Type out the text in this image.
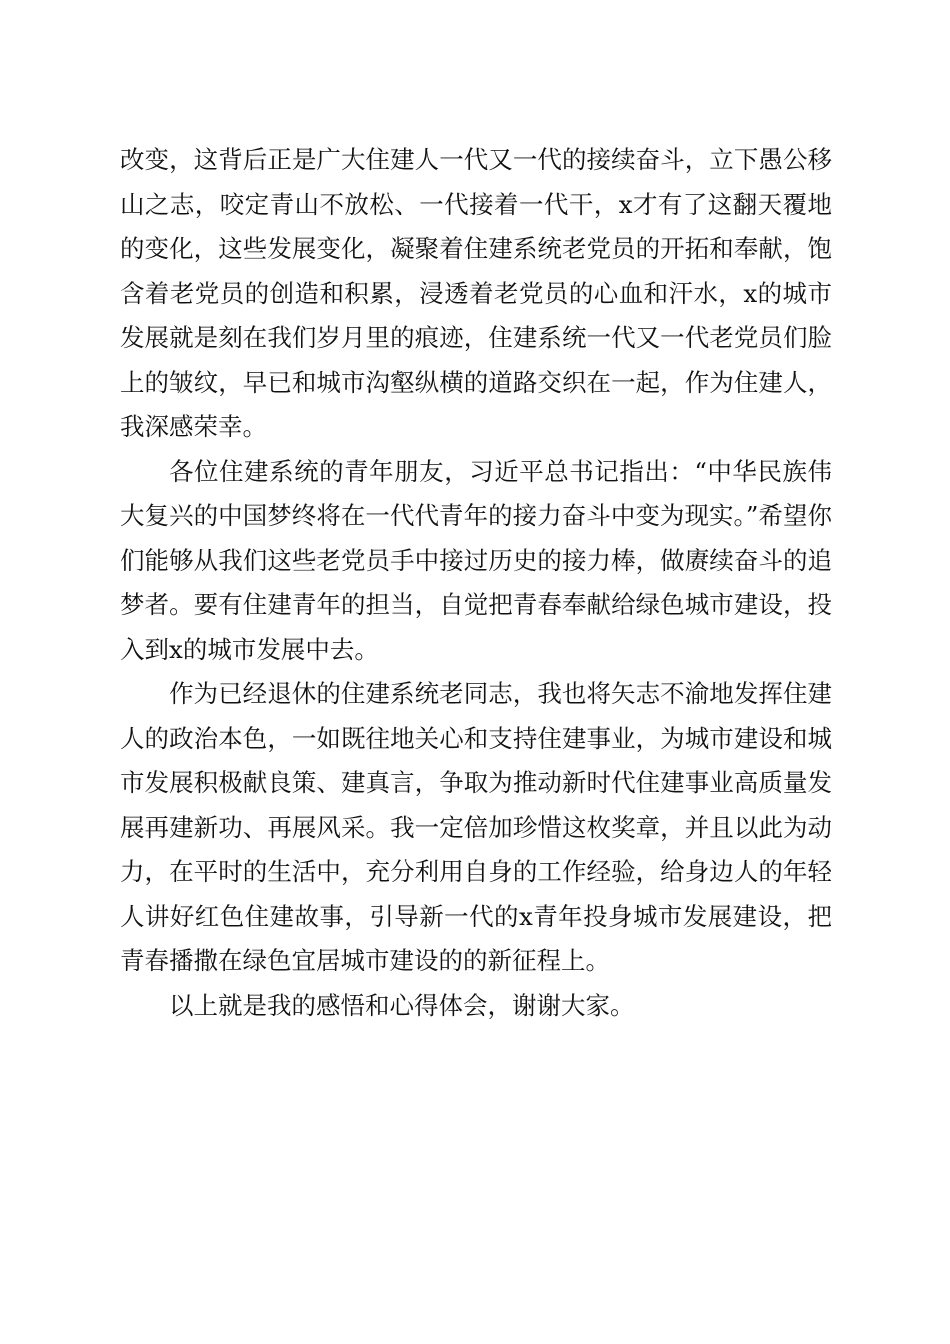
改变，这背后正是广大住建人一代又一代的接续奋斗，立下愚公移山之志，咬定青山不放松、一代接着一代干，x才有了这翻天覆地的变化，这些发展变化，凝聚着住建系统老党员的开拓和奉献，饱含着老党员的创造和积累，浸透着老党员的心血和汗水，x的城市发展就是刻在我们岁月里的痕迹，住建系统一代又一代老党员们脸上的皱纹，早已和城市沟壑纵横的道路交织在一起，作为住建人，我深感荣幸。

各位住建系统的青年朋友，习近平总书记指出：“中华民族伟大复兴的中国梦终将在一代代青年的接力奋斗中变为现实。”希望你们能够从我们这些老党员手中接过历史的接力棒，做赓续奋斗的追梦者。要有住建青年的担当，自觉把青春奉献给绿色城市建设，投入到x的城市发展中去。

作为已经退休的住建系统老同志，我也将矢志不渝地发挥住建人的政治本色，一如既往地关心和支持住建事业，为城市建设和城市发展积极献良策、建真言，争取为推动新时代住建事业高质量发展再建新功、再展风采。我一定倍加珍惜这枚奖章，并且以此为动力，在平时的生活中，充分利用自身的工作经验，给身边人的年轻人讲好红色住建故事，引导新一代的x青年投身城市发展建设，把青春播撒在绿色宜居城市建设的的新征程上。

以上就是我的感悟和心得体会，谢谢大家。
